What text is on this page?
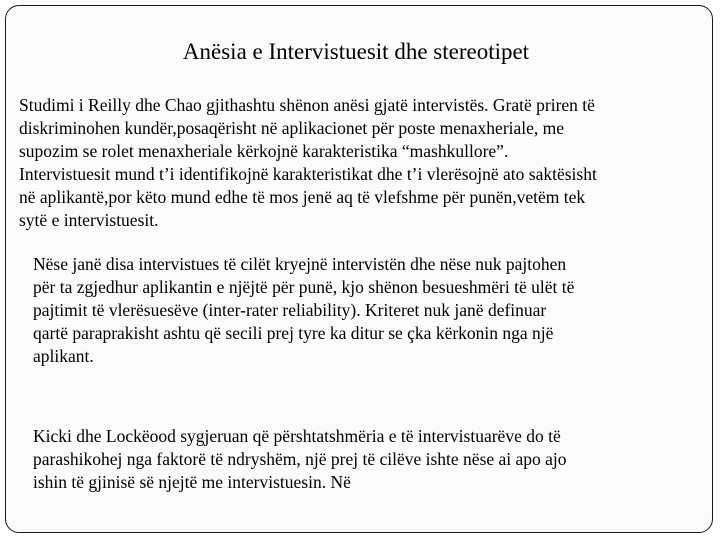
Anësia e Intervistuesit dhe stereotipet

Studimi i Reilly dhe Chao gjithashtu shënon anësi gjatë intervistës. Gratë priren të
diskriminohen kundër,posaqërisht në aplikacionet për poste menaxheriale, me
supozim se rolet menaxheriale kërkojnë karakteristika “mashkullore”.
Intervistuesit mund t’i identifikojnë karakteristikat dhe t’i vlerësojnë ato saktësisht
në aplikantë,por këto mund edhe të mos jenë aq të vlefshme për punën,vetëm tek
sytë e intervistuesit.

Nëse janë disa intervistues të cilët kryejnë intervistën dhe nëse nuk pajtohen
për ta zgjedhur aplikantin e njëjtë për punë, kjo shënon besueshmëri të ulët të
pajtimit të vlerësuesëve (inter-rater reliability). Kriteret nuk janë definuar
qartë paraprakisht ashtu që secili prej tyre ka ditur se çka kërkonin nga një
aplikant.

Kicki dhe Lockëood sygjeruan që përshtatshmëria e të intervistuarëve do të
parashikohej nga faktorë të ndryshëm, një prej të cilëve ishte nëse ai apo ajo
ishin të gjinisë së njejtë me intervistuesin. Në
